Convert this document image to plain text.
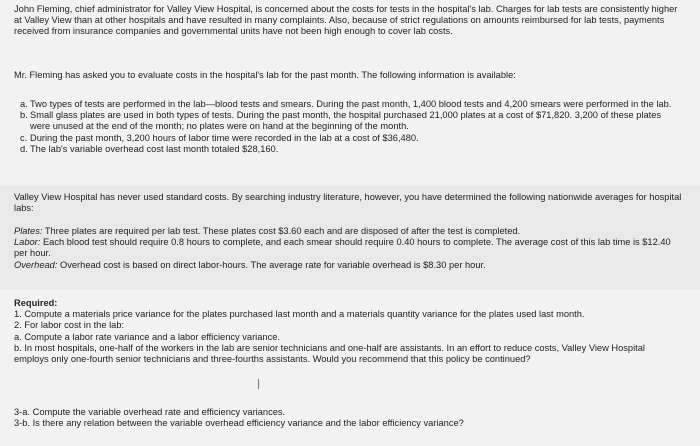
John Fleming, chief administrator for Valley View Hospital, is concerned about the costs for tests in the hospital's lab. Charges for lab tests are consistently higher at Valley View than at other hospitals and have resulted in many complaints. Also, because of strict regulations on amounts reimbursed for lab tests, payments received from insurance companies and governmental units have not been high enough to cover lab costs.

Mr. Fleming has asked you to evaluate costs in the hospital's lab for the past month. The following information is available:

a. Two types of tests are performed in the lab—blood tests and smears. During the past month, 1,400 blood tests and 4,200 smears were performed in the lab.
b. Small glass plates are used in both types of tests. During the past month, the hospital purchased 21,000 plates at a cost of $71,820. 3,200 of these plates were unused at the end of the month; no plates were on hand at the beginning of the month.
c. During the past month, 3,200 hours of labor time were recorded in the lab at a cost of $36,480.
d. The lab's variable overhead cost last month totaled $28,160.

Valley View Hospital has never used standard costs. By searching industry literature, however, you have determined the following nationwide averages for hospital labs:

Plates: Three plates are required per lab test. These plates cost $3.60 each and are disposed of after the test is completed.

Labor: Each blood test should require 0.8 hours to complete, and each smear should require 0.40 hours to complete. The average cost of this lab time is $12.40 per hour.

Overhead: Overhead cost is based on direct labor-hours. The average rate for variable overhead is $8.30 per hour.

Required:

1. Compute a materials price variance for the plates purchased last month and a materials quantity variance for the plates used last month.

2. For labor cost in the lab:

a. Compute a labor rate variance and a labor efficiency variance.

b. In most hospitals, one-half of the workers in the lab are senior technicians and one-half are assistants. In an effort to reduce costs, Valley View Hospital employs only one-fourth senior technicians and three-fourths assistants. Would you recommend that this policy be continued?

3-a. Compute the variable overhead rate and efficiency variances.

3-b. Is there any relation between the variable overhead efficiency variance and the labor efficiency variance?
